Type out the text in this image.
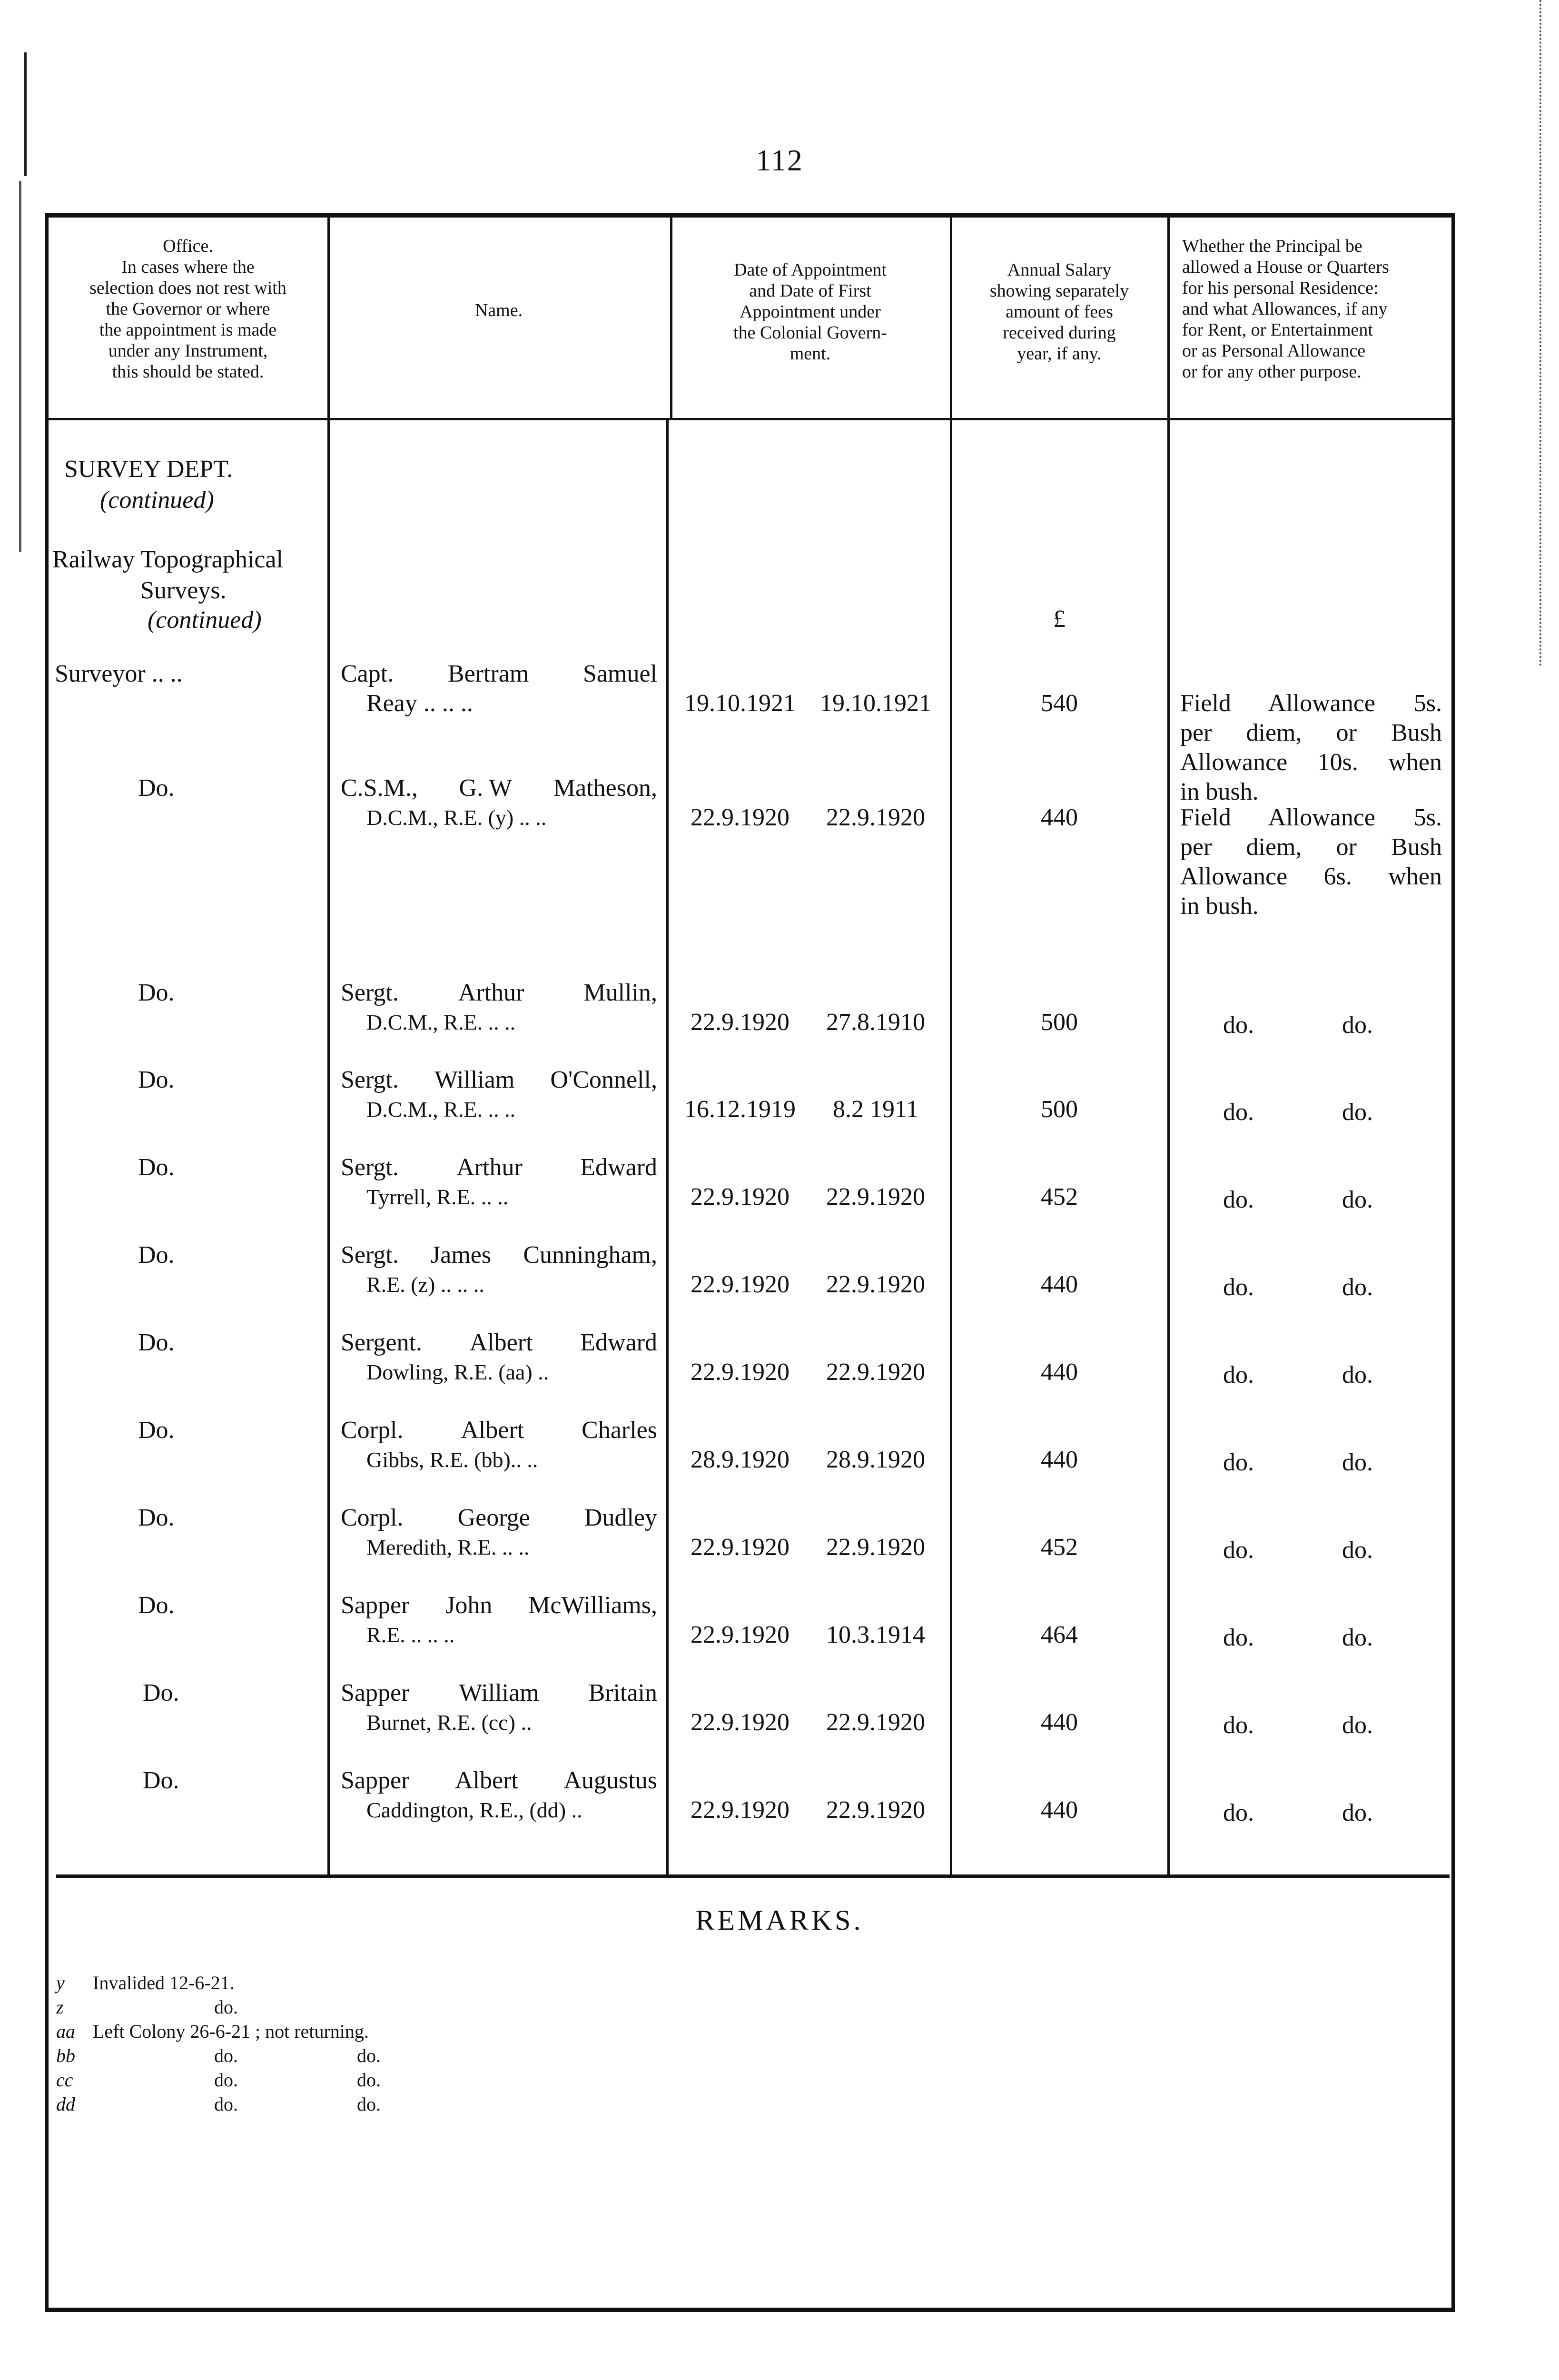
112
Office.
In cases where the
selection does not rest with
the Governor or where
the appointment is made
under any Instrument,
this should be stated.
Name.
Date of Appointment
and Date of First
Appointment under
the Colonial Govern-
ment.
Annual Salary
showing separately
amount of fees
received during
year, if any.
Whether the Principal be
allowed a House or Quarters
for his personal Residence:
and what Allowances, if any
for Rent, or Entertainment
or as Personal Allowance
or for any other purpose.
SURVEY DEPT.
(continued)
Railway Topographical
Surveys.
(continued)	£
Surveyor .. ..	Capt. Bertram Samuel
Reay .. .. ..	19.10.1921 19.10.1921	540	Field Allowance 5s.
per diem, or Bush
Allowance 10s. when
in bush.
Do.	C.S.M., G. W Matheson,
D.C.M., R.E. (y) .. ..	22.9.1920	22.9.1920	440	Field Allowance 5s.
per diem, or Bush
Allowance 6s. when
in bush.
Do.	Sergt. Arthur Mullin,
D.C.M., R.E. .. ..	22.9.1920	27.8.1910	500	do.	do.
Do.	Sergt. William O'Connell,
D.C.M., R.E. .. ..	16.12.1919	8.2 1911	500	do.	do.
Do.	Sergt. Arthur Edward
Tyrrell, R.E. .. ..	22.9.1920	22.9.1920	452	do.	do.
Do.	Sergt. James Cunningham,
R.E. (z) .. .. ..	22.9.1920	22.9.1920	440	do.	do.
Do.	Sergent. Albert Edward
Dowling, R.E. (aa) ..	22.9.1920	22.9.1920	440	do.	do.
Do.	Corpl. Albert Charles
Gibbs, R.E. (bb).. ..	28.9.1920	28.9.1920	440	do.	do.
Do.	Corpl. George Dudley
Meredith, R.E. .. ..	22.9.1920	22.9.1920	452	do.	do.
Do.	Sapper John McWilliams,
R.E. .. .. ..	22.9.1920	10.3.1914	464	do.	do.
Do.	Sapper William Britain
Burnet, R.E. (cc) ..	22.9.1920	22.9.1920	440	do.	do.
Do.	Sapper Albert Augustus
Caddington, R.E., (dd) ..	22.9.1920	22.9.1920	440	do.	do.
REMARKS.
y	Invalided 12-6-21.
z	do.
aa Left Colony 26-6-21 ; not returning.
bb	do.	do.
cc	do.	do.
dd	do.	do.
